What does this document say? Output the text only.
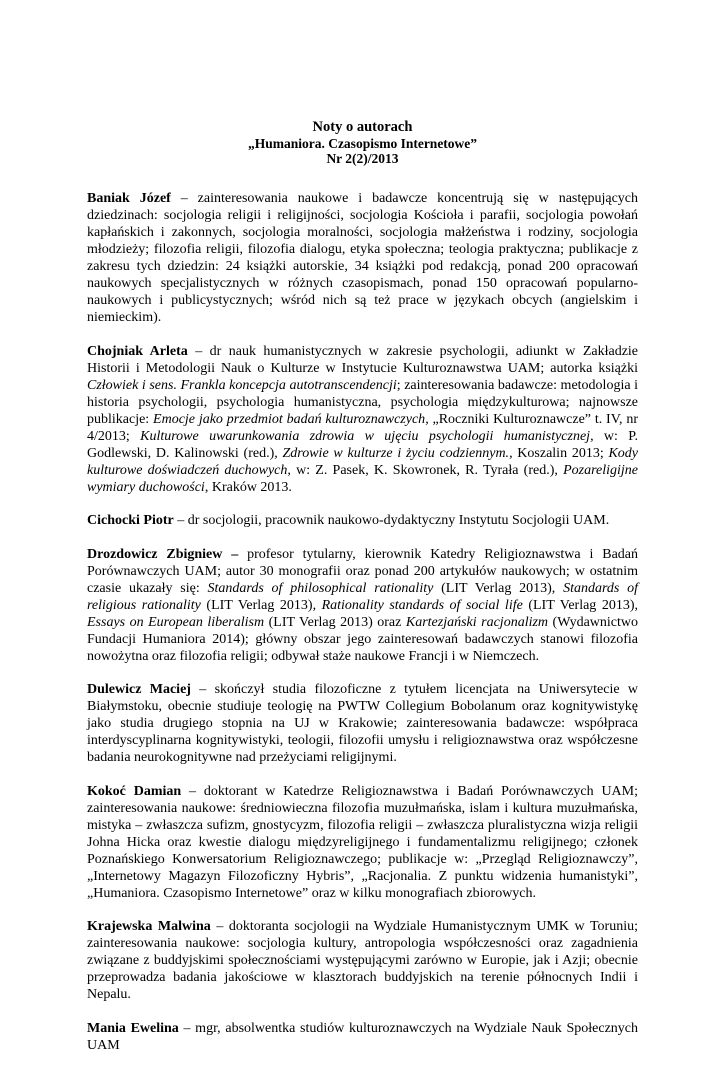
Noty o autorach
„Humaniora. Czasopismo Internetowe”
Nr 2(2)/2013

Baniak Józef – zainteresowania naukowe i badawcze koncentrują się w następujących dziedzinach: socjologia religii i religijności, socjologia Kościoła i parafii, socjologia powołań kapłańskich i zakonnych, socjologia moralności, socjologia małżeństwa i rodziny, socjologia młodzieży; filozofia religii, filozofia dialogu, etyka społeczna; teologia praktyczna; publikacje z zakresu tych dziedzin: 24 książki autorskie, 34 książki pod redakcją, ponad 200 opracowań naukowych specjalistycznych w różnych czasopismach, ponad 150 opracowań popularno-naukowych i publicystycznych; wśród nich są też prace w językach obcych (angielskim i niemieckim).

Chojniak Arleta – dr nauk humanistycznych w zakresie psychologii, adiunkt w Zakładzie Historii i Metodologii Nauk o Kulturze w Instytucie Kulturoznawstwa UAM; autorka książki Człowiek i sens. Frankla koncepcja autotranscendencji; zainteresowania badawcze: metodologia i historia psychologii, psychologia humanistyczna, psychologia międzykulturowa; najnowsze publikacje: Emocje jako przedmiot badań kulturoznawczych, „Roczniki Kulturoznawcze” t. IV, nr 4/2013; Kulturowe uwarunkowania zdrowia w ujęciu psychologii humanistycznej, w: P. Godlewski, D. Kalinowski (red.), Zdrowie w kulturze i życiu codziennym., Koszalin 2013; Kody kulturowe doświadczeń duchowych, w: Z. Pasek, K. Skowronek, R. Tyrała (red.), Pozareligijne wymiary duchowości, Kraków 2013.

Cichocki Piotr – dr socjologii, pracownik naukowo-dydaktyczny Instytutu Socjologii UAM.

Drozdowicz Zbigniew – profesor tytularny, kierownik Katedry Religioznawstwa i Badań Porównawczych UAM; autor 30 monografii oraz ponad 200 artykułów naukowych; w ostatnim czasie ukazały się: Standards of philosophical rationality (LIT Verlag 2013), Standards of religious rationality (LIT Verlag 2013), Rationality standards of social life (LIT Verlag 2013), Essays on European liberalism (LIT Verlag 2013) oraz Kartezjański racjonalizm (Wydawnictwo Fundacji Humaniora 2014); główny obszar jego zainteresowań badawczych stanowi filozofia nowożytna oraz filozofia religii; odbywał staże naukowe Francji i w Niemczech.

Dulewicz Maciej – skończył studia filozoficzne z tytułem licencjata na Uniwersytecie w Białymstoku, obecnie studiuje teologię na PWTW Collegium Bobolanum oraz kognitywistykę jako studia drugiego stopnia na UJ w Krakowie; zainteresowania badawcze: współpraca interdyscyplinarna kognitywistyki, teologii, filozofii umysłu i religioznawstwa oraz współczesne badania neurokognitywne nad przeżyciami religijnymi.

Kokoć Damian – doktorant w Katedrze Religioznawstwa i Badań Porównawczych UAM; zainteresowania naukowe: średniowieczna filozofia muzułmańska, islam i kultura muzułmańska, mistyka – zwłaszcza sufizm, gnostycyzm, filozofia religii – zwłaszcza pluralistyczna wizja religii Johna Hicka oraz kwestie dialogu międzyreligijnego i fundamentalizmu religijnego; członek Poznańskiego Konwersatorium Religioznawczego; publikacje w: „Przegląd Religioznawczy”, „Internetowy Magazyn Filozoficzny Hybris”, „Racjonalia. Z punktu widzenia humanistyki”, „Humaniora. Czasopismo Internetowe” oraz w kilku monografiach zbiorowych.

Krajewska Malwina – doktoranta socjologii na Wydziale Humanistycznym UMK w Toruniu; zainteresowania naukowe: socjologia kultury, antropologia współczesności oraz zagadnienia związane z buddyjskimi społecznościami występującymi zarówno w Europie, jak i Azji; obecnie przeprowadza badania jakościowe w klasztorach buddyjskich na terenie północnych Indii i Nepalu.

Mania Ewelina – mgr, absolwentka studiów kulturoznawczych na Wydziale Nauk Społecznych UAM
